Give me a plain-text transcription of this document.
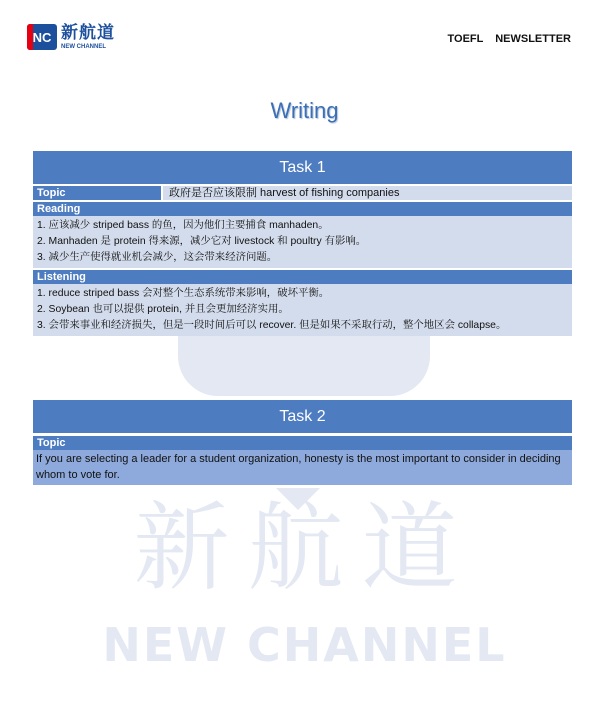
新航道
NEW CHANNEL
NC 新航道
NEW CHANNEL
TOEFL NEWSLETTER
Writing
Task 1
Topic	政府是否应该限制 harvest of fishing companies
Reading
1. 应该减少 striped bass 的鱼，因为他们主要捕食 manhaden。
2. Manhaden 是 protein 得来源，减少它对 livestock 和 poultry 有影响。
3. 减少生产使得就业机会减少，这会带来经济问题。
Listening
1. reduce striped bass 会对整个生态系统带来影响，破坏平衡。
2. Soybean 也可以提供 protein, 并且会更加经济实用。
3. 会带来事业和经济损失，但是一段时间后可以 recover. 但是如果不采取行动，整个地区会 collapse。
Task 2
Topic
If you are selecting a leader for a student organization, honesty is the most important to consider in deciding whom to vote for.
